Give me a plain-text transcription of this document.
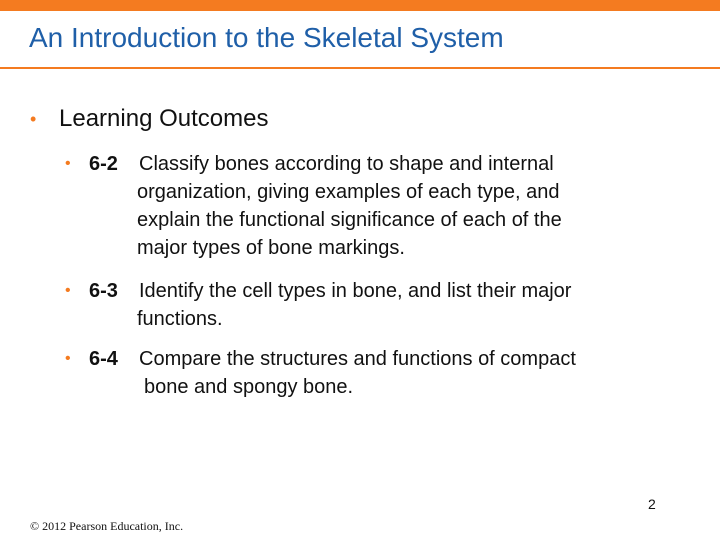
An Introduction to the Skeletal System
• Learning Outcomes
• 6-2 Classify bones according to shape and internal
organization, giving examples of each type, and
explain the functional significance of each of the
major types of bone markings.
• 6-3 Identify the cell types in bone, and list their major
functions.
• 6-4 Compare the structures and functions of compact
bone and spongy bone.
2
© 2012 Pearson Education, Inc.
